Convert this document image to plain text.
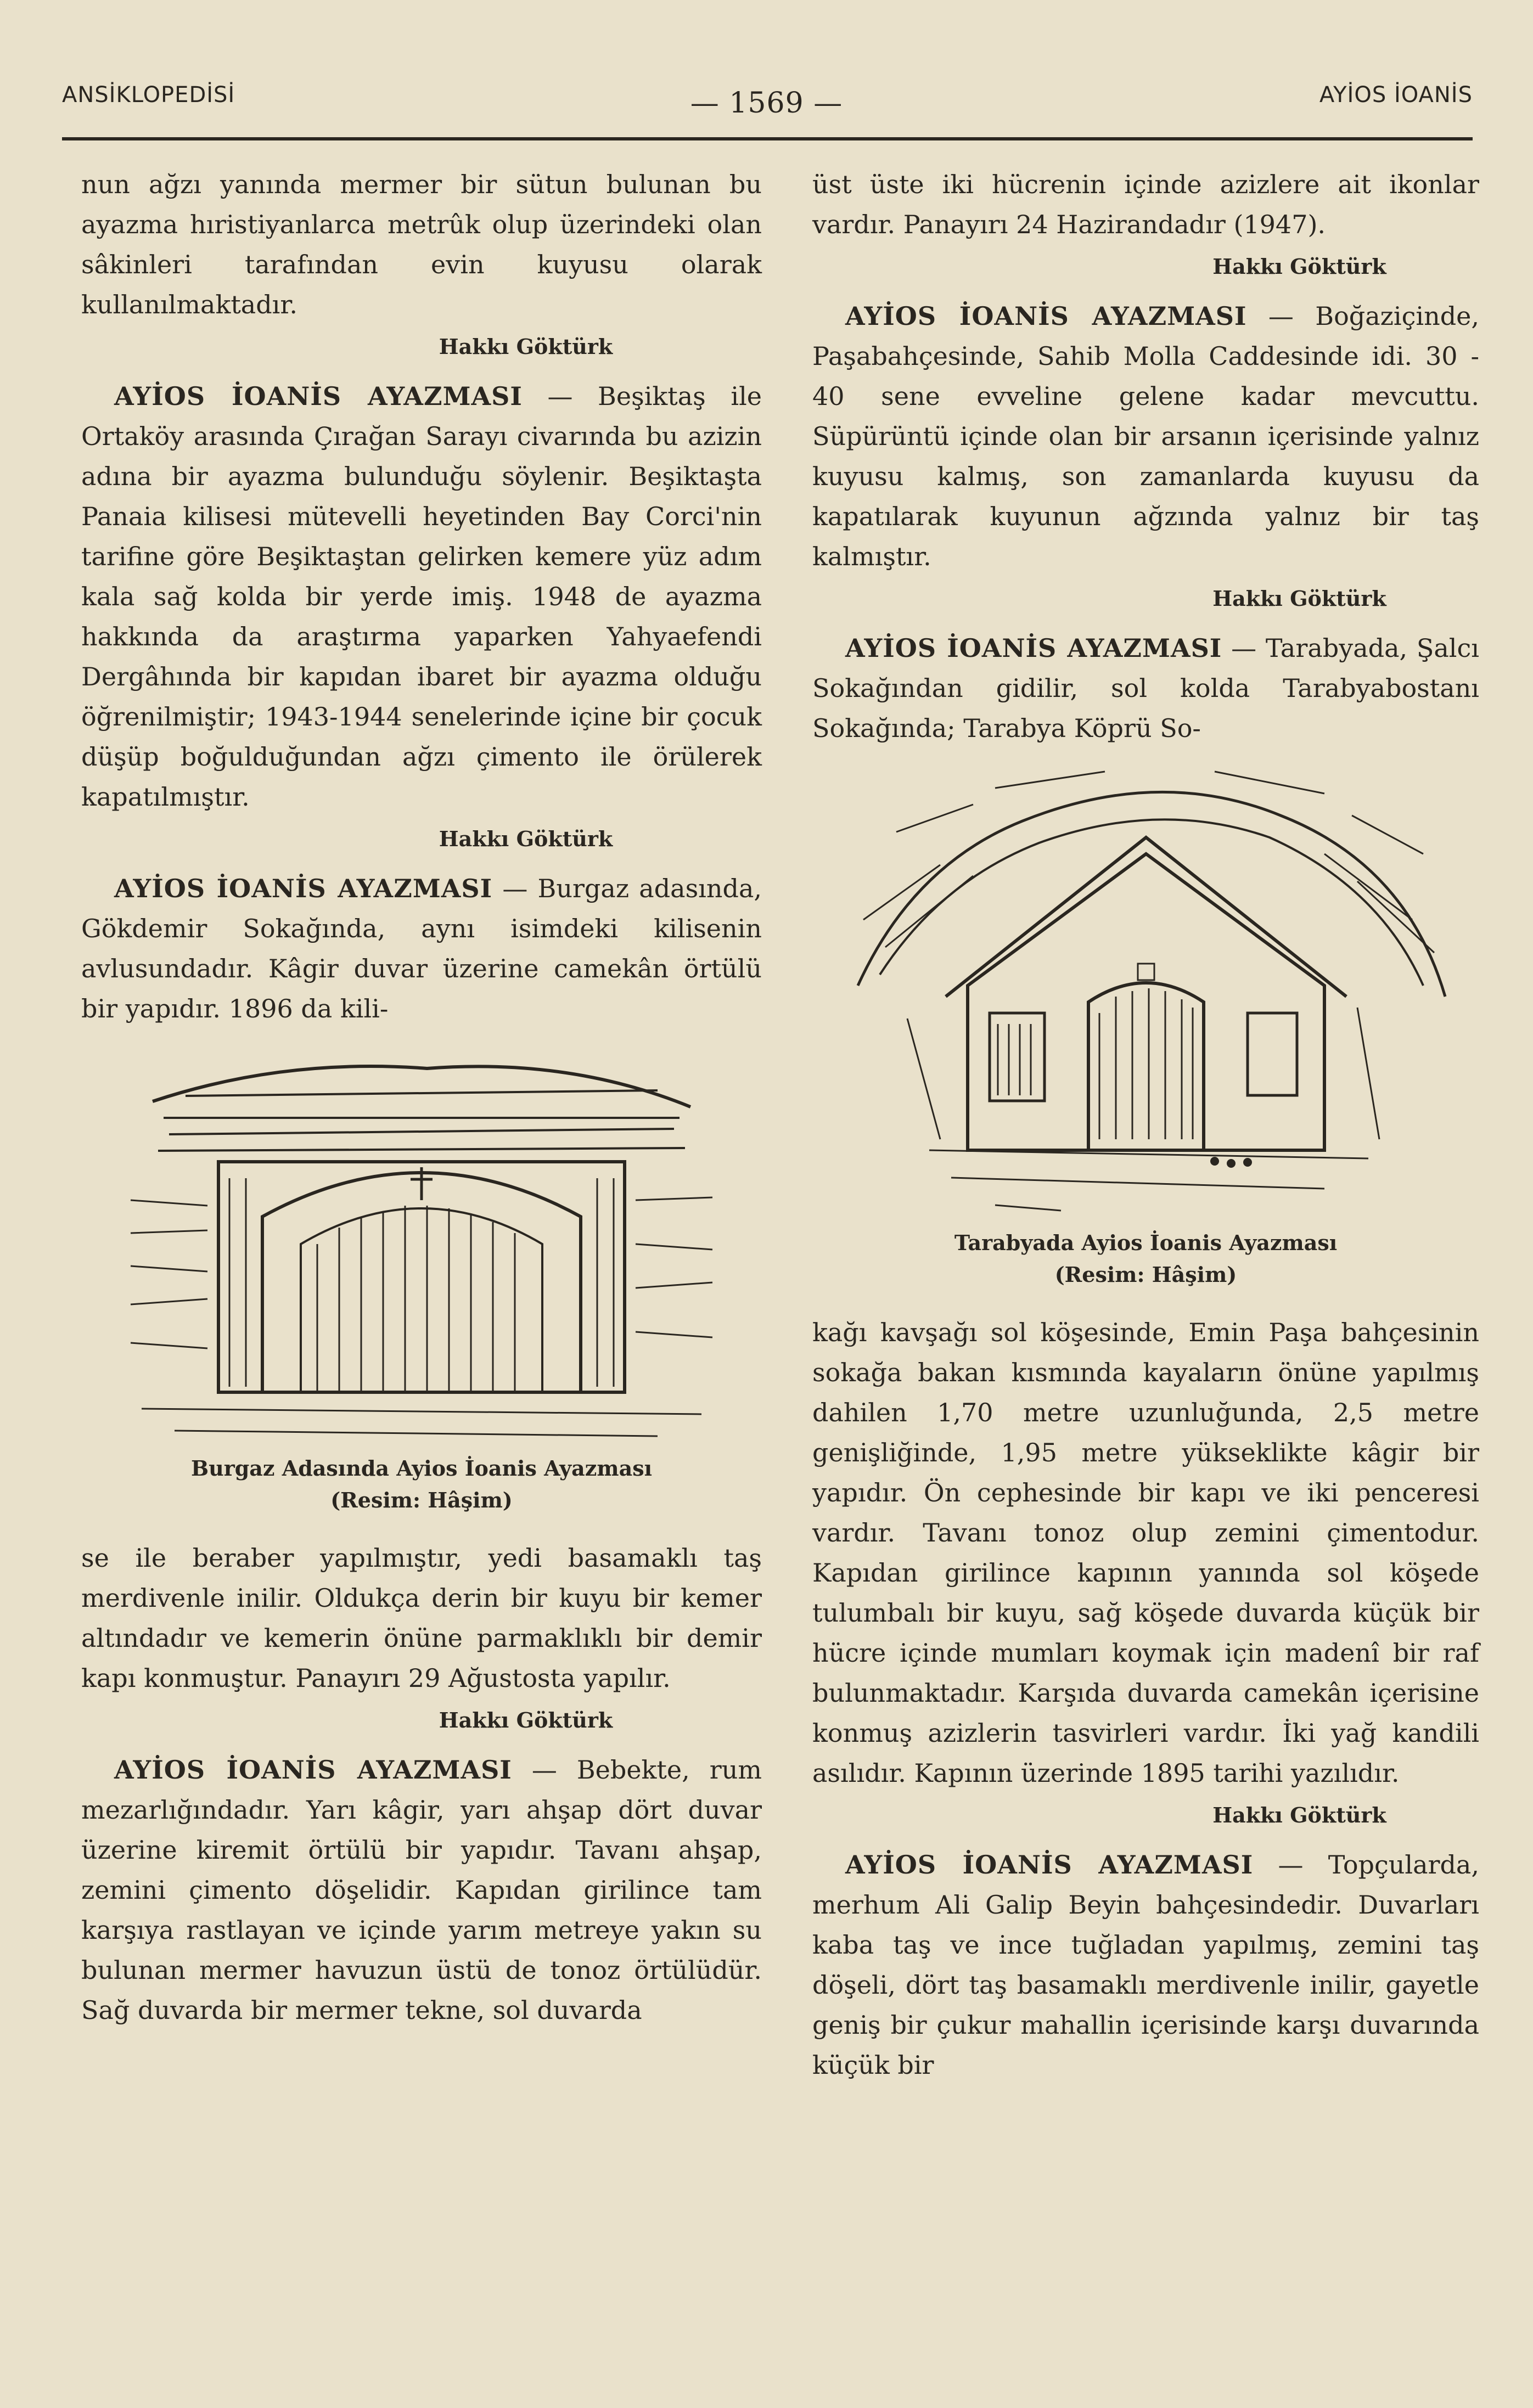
ANSİKLOPEDİSİ	— 1569 —	AYİOS İOANİS

nun ağzı yanında mermer bir sütun bulunan bu ayazma hıristiyanlarca metrûk olup üzerindeki olan sâkinleri tarafından evin kuyusu olarak kullanılmaktadır.

Hakkı Göktürk

AYİOS İOANİS AYAZMASI — Beşiktaş ile Ortaköy arasında Çırağan Sarayı civarında bu azizin adına bir ayazma bulunduğu söylenir. Beşiktaşta Panaia kilisesi mütevelli heyetinden Bay Corci'nin tarifine göre Beşiktaştan gelirken kemere yüz adım kala sağ kolda bir yerde imiş. 1948 de ayazma hakkında da araştırma yaparken Yahyaefendi Dergâhında bir kapıdan ibaret bir ayazma olduğu öğrenilmiştir; 1943-1944 senelerinde içine bir çocuk düşüp boğulduğundan ağzı çimento ile örülerek kapatılmıştır.

Hakkı Göktürk

AYİOS İOANİS AYAZMASI — Burgaz adasında, Gökdemir Sokağında, aynı isimdeki kilisenin avlusundadır. Kâgir duvar üzerine camekân örtülü bir yapıdır. 1896 da kili-

Burgaz Adasında Ayios İoanis Ayazması
(Resim: Hâşim)

se ile beraber yapılmıştır, yedi basamaklı taş merdivenle inilir. Oldukça derin bir kuyu bir kemer altındadır ve kemerin önüne parmaklıklı bir demir kapı konmuştur. Panayırı 29 Ağustosta yapılır.

Hakkı Göktürk

AYİOS İOANİS AYAZMASI — Bebekte, rum mezarlığındadır. Yarı kâgir, yarı ahşap dört duvar üzerine kiremit örtülü bir yapıdır. Tavanı ahşap, zemini çimento döşelidir. Kapıdan girilince tam karşıya rastlayan ve içinde yarım metreye yakın su bulunan mermer havuzun üstü de tonoz örtülüdür. Sağ duvarda bir mermer tekne, sol duvarda

üst üste iki hücrenin içinde azizlere ait ikonlar vardır. Panayırı 24 Hazirandadır (1947).

Hakkı Göktürk

AYİOS İOANİS AYAZMASI — Boğaziçinde, Paşabahçesinde, Sahib Molla Caddesinde idi. 30 - 40 sene evveline gelene kadar mevcuttu. Süpürüntü içinde olan bir arsanın içerisinde yalnız kuyusu kalmış, son zamanlarda kuyusu da kapatılarak kuyunun ağzında yalnız bir taş kalmıştır.

Hakkı Göktürk

AYİOS İOANİS AYAZMASI — Tarabyada, Şalcı Sokağından gidilir, sol kolda Tarabyabostanı Sokağında; Tarabya Köprü So-

Tarabyada Ayios İoanis Ayazması
(Resim: Hâşim)

kağı kavşağı sol köşesinde, Emin Paşa bahçesinin sokağa bakan kısmında kayaların önüne yapılmış dahilen 1,70 metre uzunluğunda, 2,5 metre genişliğinde, 1,95 metre yükseklikte kâgir bir yapıdır. Ön cephesinde bir kapı ve iki penceresi vardır. Tavanı tonoz olup zemini çimentodur. Kapıdan girilince kapının yanında sol köşede tulumbalı bir kuyu, sağ köşede duvarda küçük bir hücre içinde mumları koymak için madenî bir raf bulunmaktadır. Karşıda duvarda camekân içerisine konmuş azizlerin tasvirleri vardır. İki yağ kandili asılıdır. Kapının üzerinde 1895 tarihi yazılıdır.

Hakkı Göktürk

AYİOS İOANİS AYAZMASI — Topçularda, merhum Ali Galip Beyin bahçesindedir. Duvarları kaba taş ve ince tuğladan yapılmış, zemini taş döşeli, dört taş basamaklı merdivenle inilir, gayetle geniş bir çukur mahallin içerisinde karşı duvarında küçük bir
